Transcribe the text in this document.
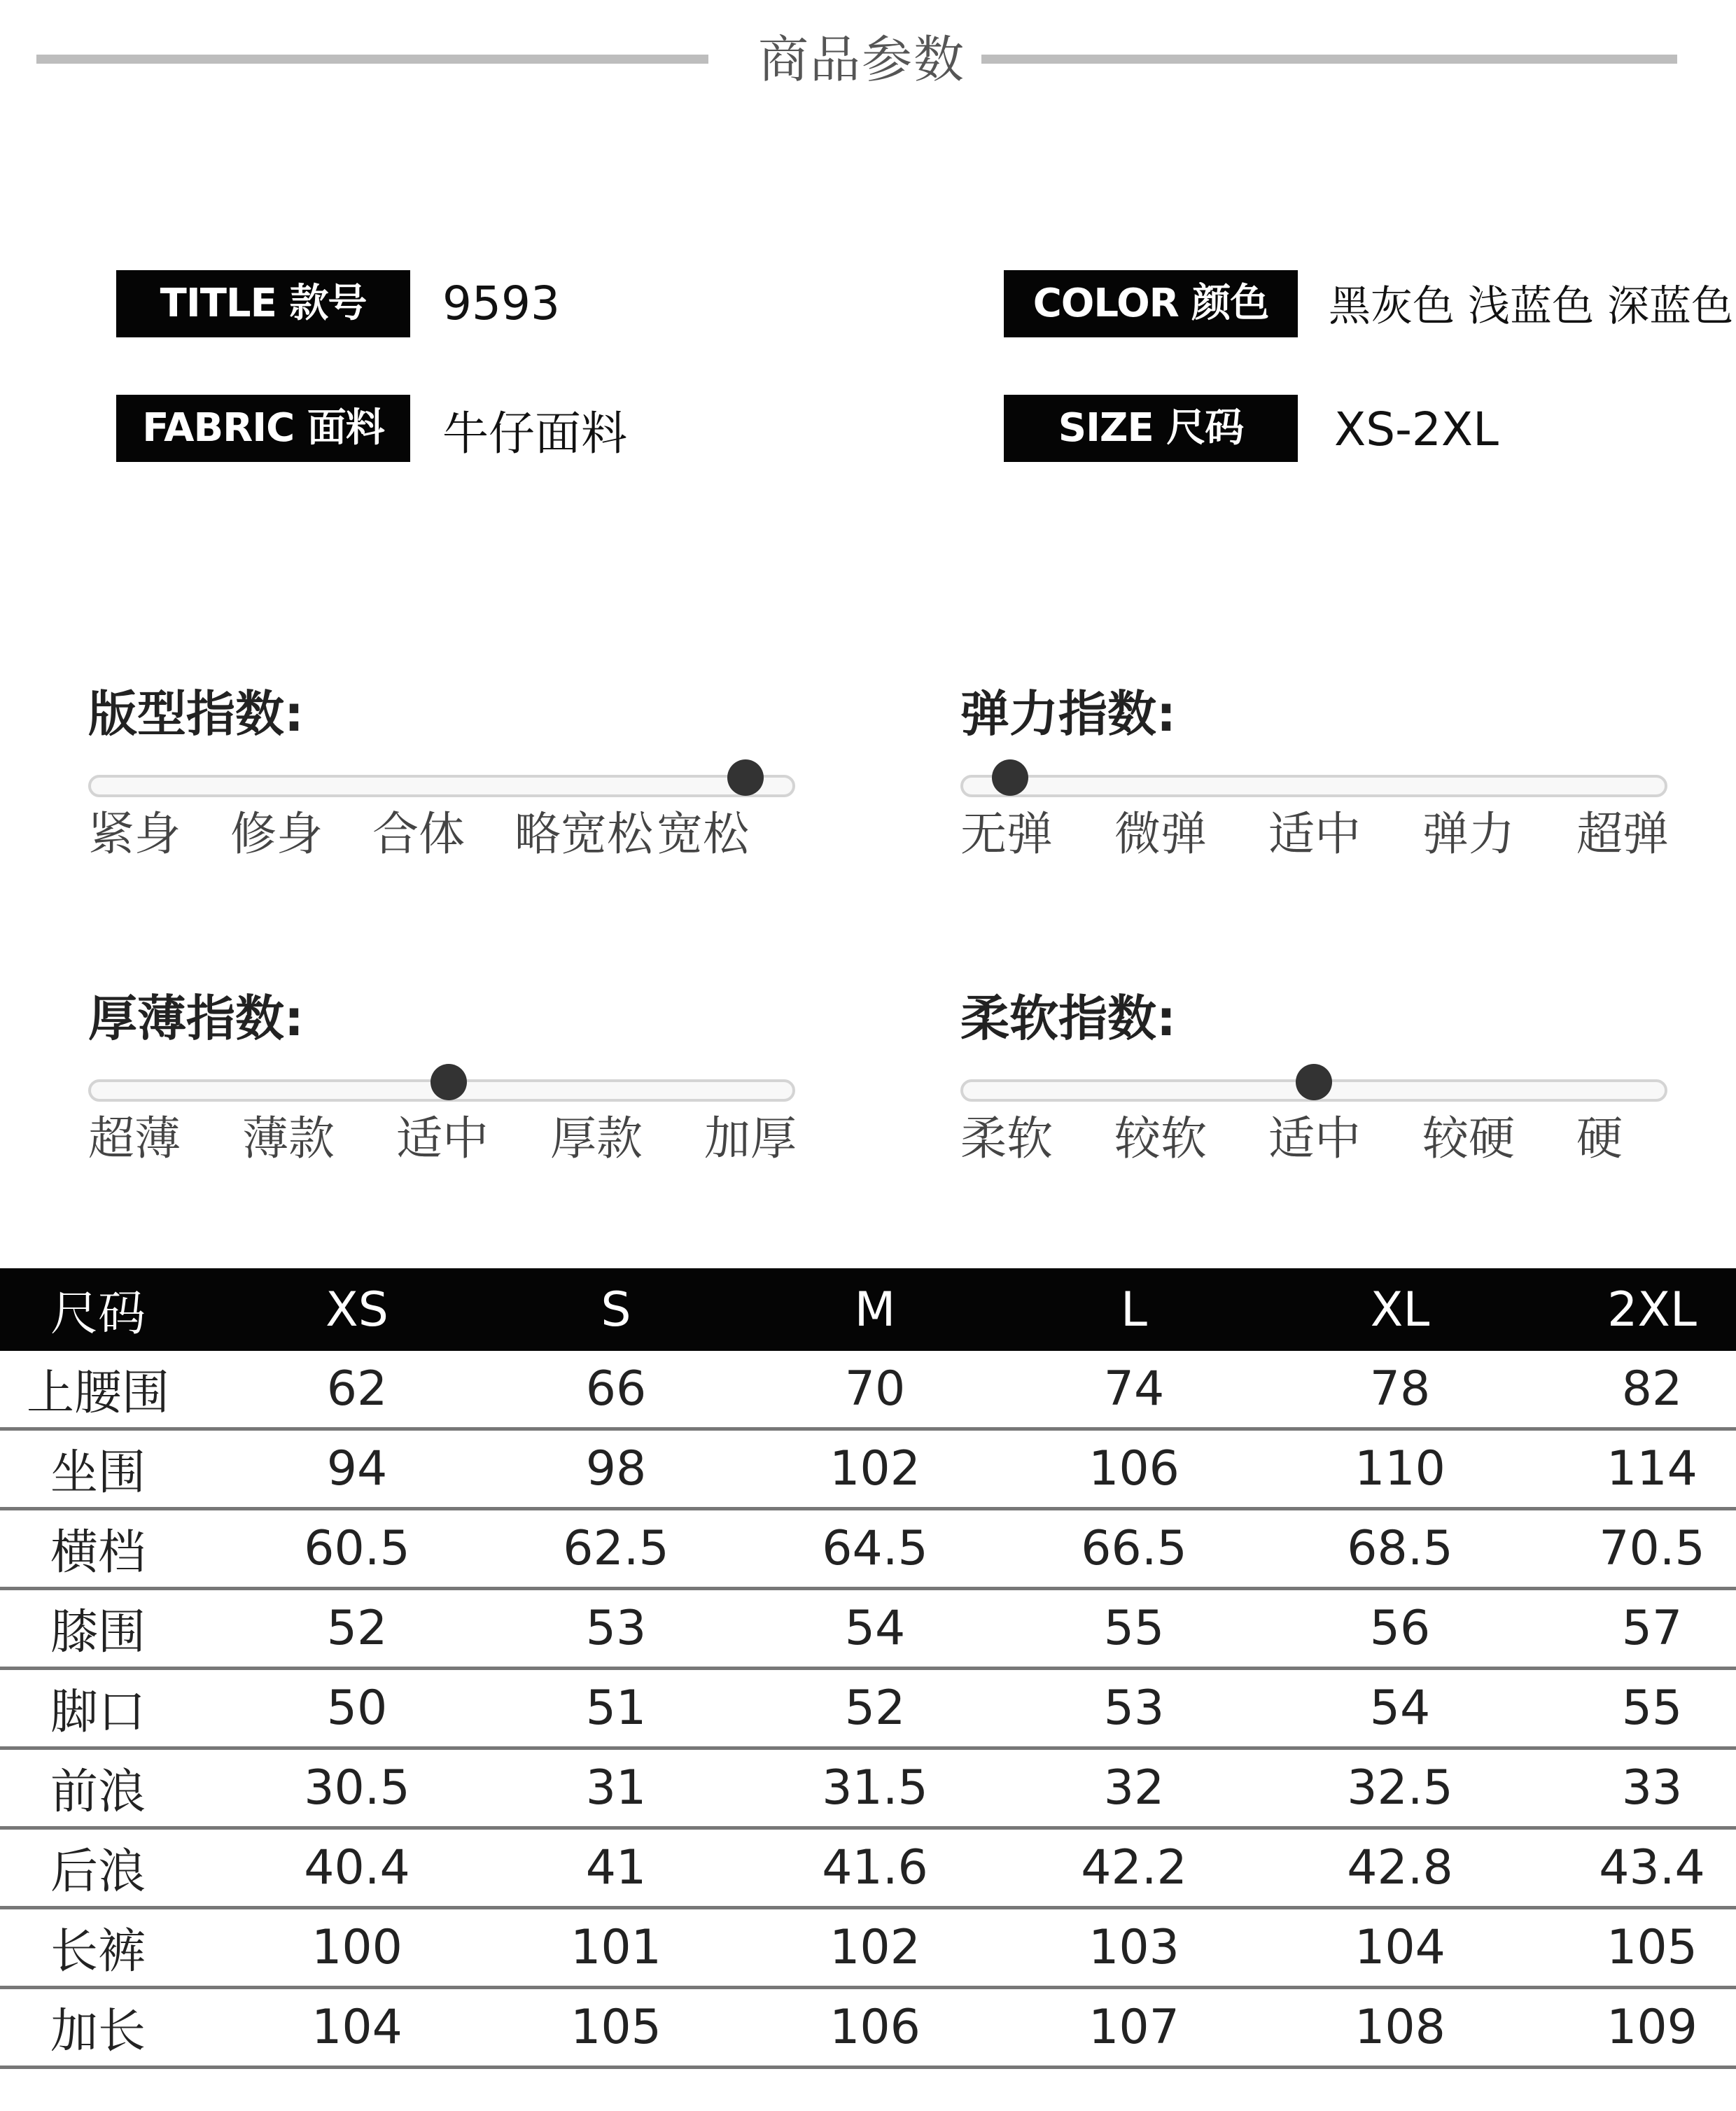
商品参数
TITLE 款号	9593
FABRIC 面料	牛仔面料
COLOR 颜色	黑灰色 浅蓝色 深蓝色
SIZE 尺码	XS-2XL
版型指数:
紧身 修身 合体 略宽松 宽松
弹力指数:
无弹 微弹 适中 弹力 超弹
厚薄指数:
超薄 薄款 适中 厚款 加厚
柔软指数:
柔软 较软 适中 较硬 硬
尺码	XS	S	M	L	XL	2XL
上腰围	62	66	70	74	78	82
坐围	94	98	102	106	110	114
横档	60.5	62.5	64.5	66.5	68.5	70.5
膝围	52	53	54	55	56	57
脚口	50	51	52	53	54	55
前浪	30.5	31	31.5	32	32.5	33
后浪	40.4	41	41.6	42.2	42.8	43.4
长裤	100	101	102	103	104	105
加长	104	105	106	107	108	109
